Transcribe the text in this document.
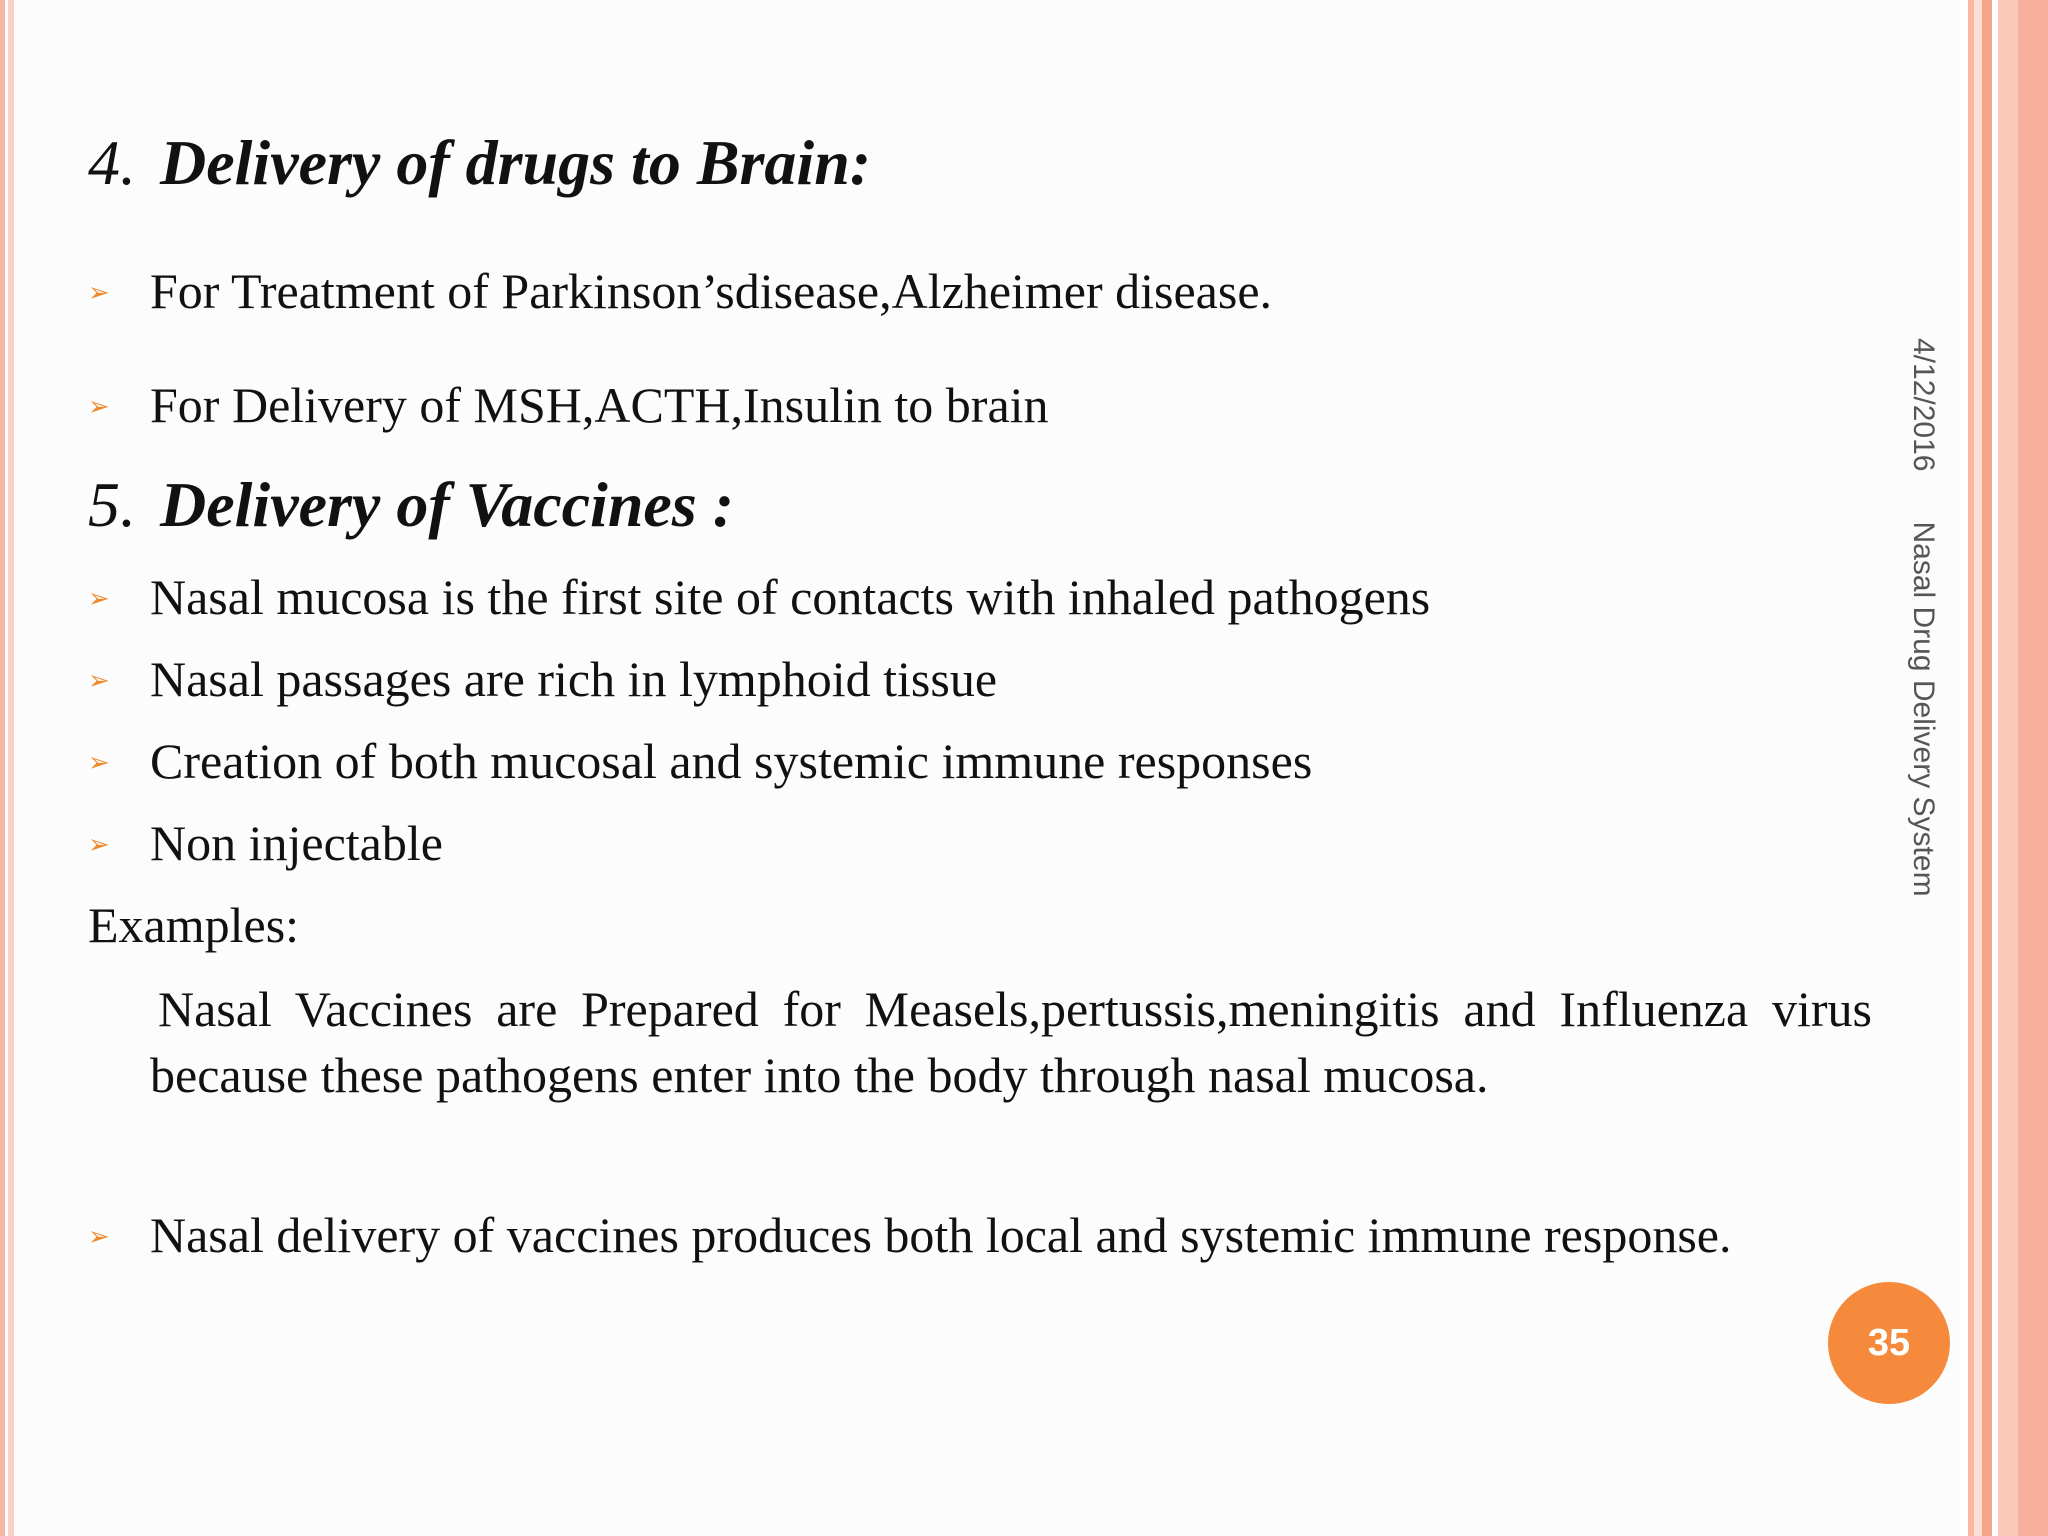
4. Delivery of drugs to Brain:
➢ For Treatment of Parkinson’sdisease,Alzheimer disease.
➢ For Delivery of MSH,ACTH,Insulin to brain
5. Delivery of Vaccines :
➢ Nasal mucosa is the first site of contacts with inhaled pathogens
➢ Nasal passages are rich in lymphoid tissue
➢ Creation of both mucosal and systemic immune responses
➢ Non injectable
Examples:
Nasal Vaccines are Prepared for Measels,pertussis,meningitis and Influenza virus because these pathogens enter into the body through nasal mucosa.
➢ Nasal delivery of vaccines produces both local and systemic immune response.
4/12/2016Nasal Drug Delivery System
35
